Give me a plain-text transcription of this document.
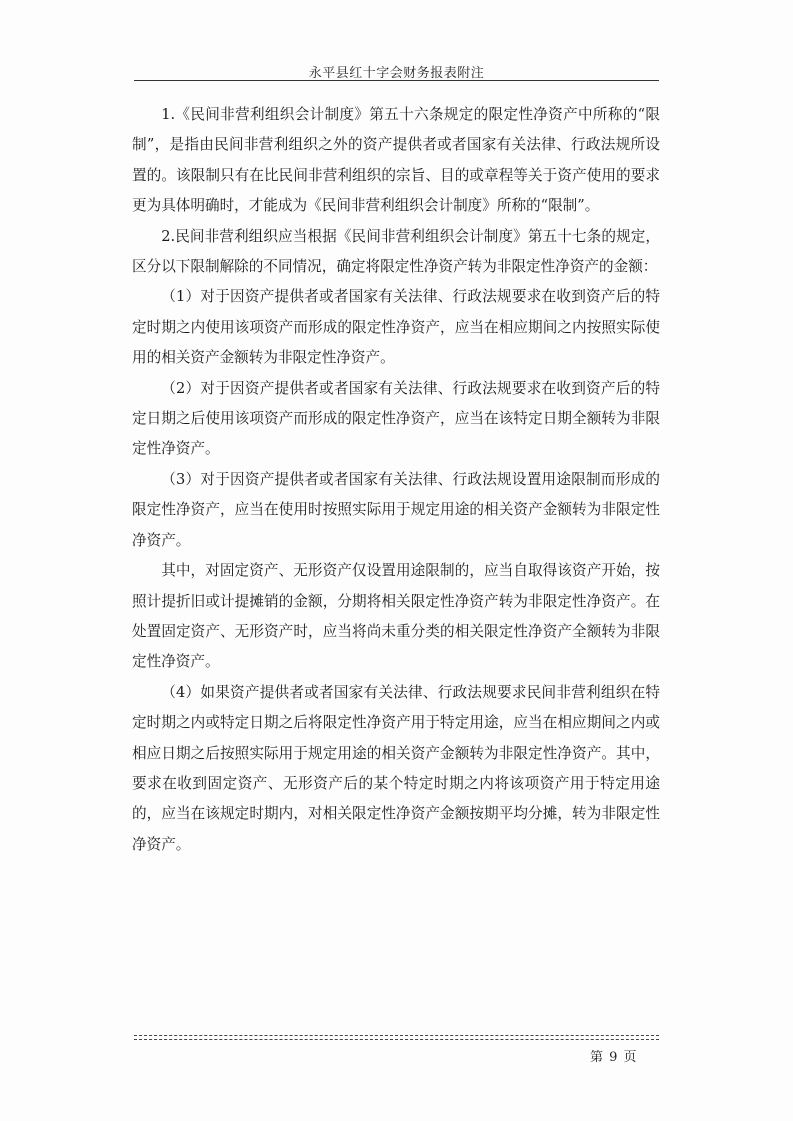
永平县红十字会财务报表附注

1.《民间非营利组织会计制度》第五十六条规定的限定性净资产中所称的“限制”，是指由民间非营利组织之外的资产提供者或者国家有关法律、行政法规所设置的。该限制只有在比民间非营利组织的宗旨、目的或章程等关于资产使用的要求更为具体明确时，才能成为《民间非营利组织会计制度》所称的“限制”。

2.民间非营利组织应当根据《民间非营利组织会计制度》第五十七条的规定，区分以下限制解除的不同情况，确定将限定性净资产转为非限定性净资产的金额：

（1）对于因资产提供者或者国家有关法律、行政法规要求在收到资产后的特定时期之内使用该项资产而形成的限定性净资产，应当在相应期间之内按照实际使用的相关资产金额转为非限定性净资产。

（2）对于因资产提供者或者国家有关法律、行政法规要求在收到资产后的特定日期之后使用该项资产而形成的限定性净资产，应当在该特定日期全额转为非限定性净资产。

（3）对于因资产提供者或者国家有关法律、行政法规设置用途限制而形成的限定性净资产，应当在使用时按照实际用于规定用途的相关资产金额转为非限定性净资产。

其中，对固定资产、无形资产仅设置用途限制的，应当自取得该资产开始，按照计提折旧或计提摊销的金额，分期将相关限定性净资产转为非限定性净资产。在处置固定资产、无形资产时，应当将尚未重分类的相关限定性净资产全额转为非限定性净资产。

（4）如果资产提供者或者国家有关法律、行政法规要求民间非营利组织在特定时期之内或特定日期之后将限定性净资产用于特定用途，应当在相应期间之内或相应日期之后按照实际用于规定用途的相关资产金额转为非限定性净资产。其中，要求在收到固定资产、无形资产后的某个特定时期之内将该项资产用于特定用途的，应当在该规定时期内，对相关限定性净资产金额按期平均分摊，转为非限定性净资产。

第 9 页
